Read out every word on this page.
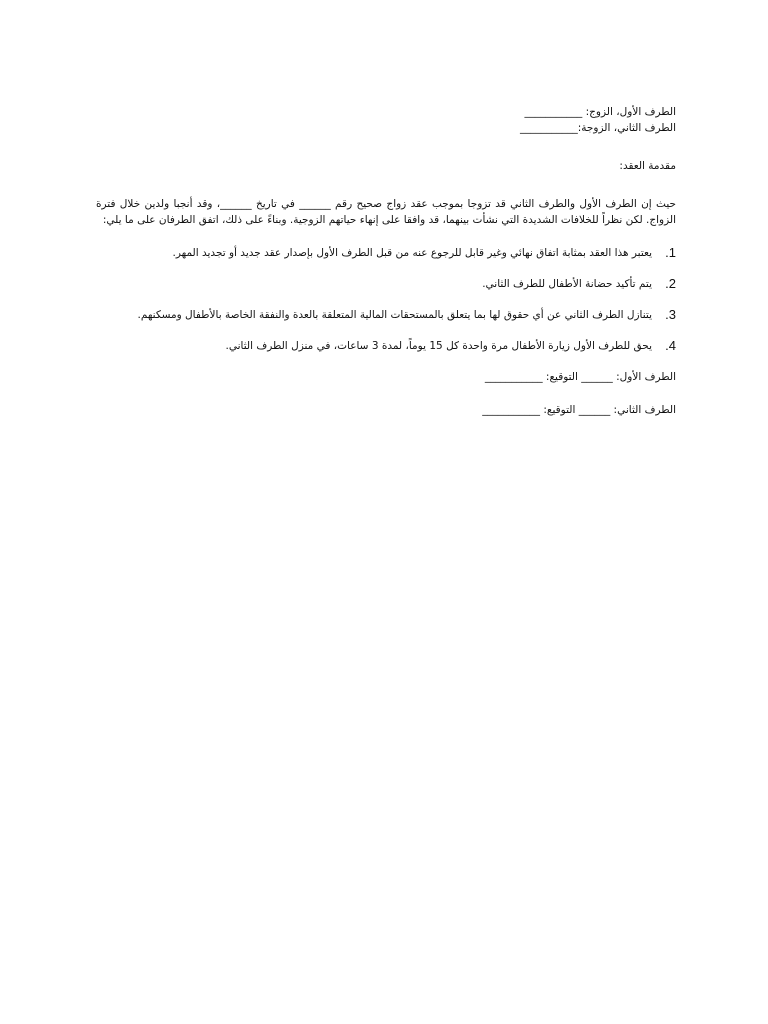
الطرف الأول، الزوج: ___________
الطرف الثاني، الزوجة:___________
مقدمة العقد:
حيث إن الطرف الأول والطرف الثاني قد تزوجا بموجب عقد زواج صحيح رقم ______ في تاريخ ______، وقد أنجبا ولدين خلال فترة الزواج. لكن نظراً للخلافات الشديدة التي نشأت بينهما، قد وافقا على إنهاء حياتهم الزوجية. وبناءً على ذلك، اتفق الطرفان على ما يلي:
.1
يعتبر هذا العقد بمثابة اتفاق نهائي وغير قابل للرجوع عنه من قبل الطرف الأول بإصدار عقد جديد أو تجديد المهر.
.2
يتم تأكيد حضانة الأطفال للطرف الثاني.
.3
يتنازل الطرف الثاني عن أي حقوق لها بما يتعلق بالمستحقات المالية المتعلقة بالعدة والنفقة الخاصة بالأطفال ومسكنهم.
.4
يحق للطرف الأول زيارة الأطفال مرة واحدة كل 15 يوماً، لمدة 3 ساعات، في منزل الطرف الثاني.
الطرف الأول: ______ التوقيع: ___________
الطرف الثاني: ______ التوقيع: ___________
